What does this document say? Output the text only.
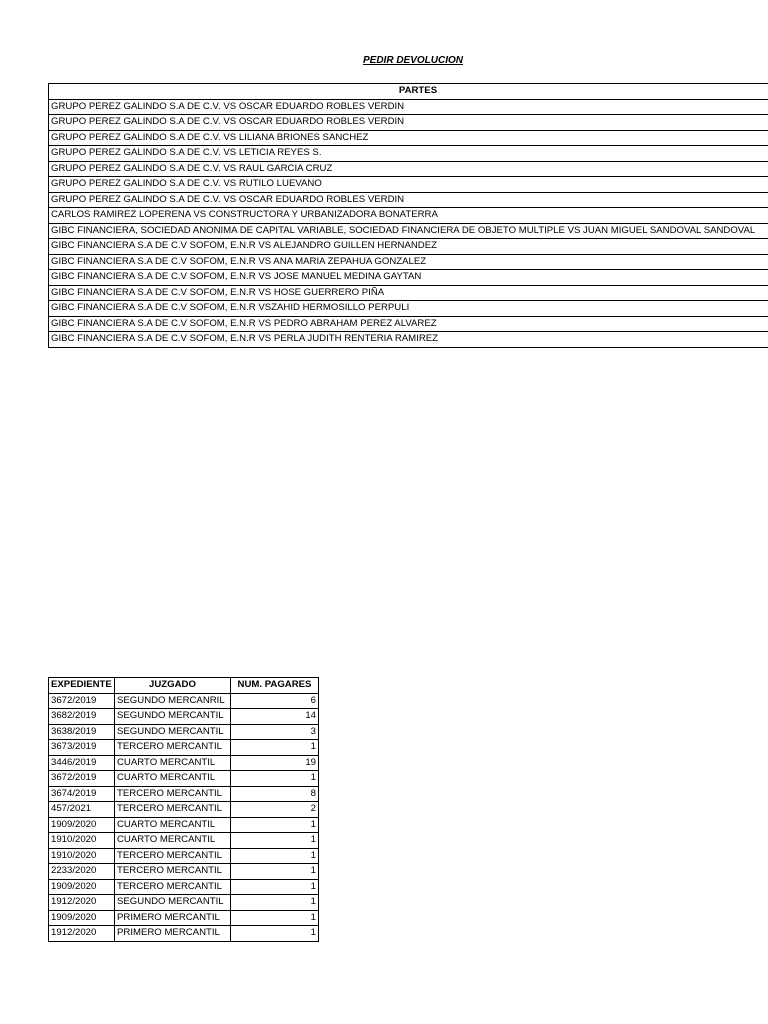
PEDIR DEVOLUCION
PARTES
GRUPO PEREZ GALINDO S.A DE C.V. VS OSCAR EDUARDO ROBLES VERDIN
GRUPO PEREZ GALINDO S.A DE C.V. VS OSCAR EDUARDO ROBLES VERDIN
GRUPO PEREZ GALINDO S.A DE C.V. VS LILIANA BRIONES SANCHEZ
GRUPO PEREZ GALINDO S.A DE C.V. VS LETICIA REYES S.
GRUPO PEREZ GALINDO S.A DE C.V. VS RAUL GARCIA CRUZ
GRUPO PEREZ GALINDO S.A DE C.V. VS RUTILO LUEVANO
GRUPO PEREZ GALINDO S.A DE C.V. VS OSCAR EDUARDO ROBLES VERDIN
CARLOS RAMIREZ LOPERENA VS CONSTRUCTORA Y URBANIZADORA BONATERRA
GIBC FINANCIERA, SOCIEDAD ANONIMA DE CAPITAL VARIABLE, SOCIEDAD FINANCIERA DE OBJETO MULTIPLE VS JUAN MIGUEL SANDOVAL SANDOVAL
GIBC FINANCIERA S.A DE C.V SOFOM, E.N.R VS ALEJANDRO GUILLEN HERNANDEZ
GIBC FINANCIERA S.A DE C.V SOFOM, E.N.R VS ANA MARIA ZEPAHUA GONZALEZ
GIBC FINANCIERA S.A DE C.V SOFOM, E.N.R VS JOSE MANUEL MEDINA GAYTAN
GIBC FINANCIERA S.A DE C.V SOFOM, E.N.R VS HOSE GUERRERO PIÑA
GIBC FINANCIERA S.A DE C.V SOFOM, E.N.R VSZAHID HERMOSILLO PERPULI
GIBC FINANCIERA S.A DE C.V SOFOM, E.N.R VS PEDRO ABRAHAM PEREZ ALVAREZ
GIBC FINANCIERA S.A DE C.V SOFOM, E.N.R VS PERLA JUDITH RENTERIA RAMIREZ
EXPEDIENTE	JUZGADO	NUM. PAGARES
3672/2019	SEGUNDO MERCANRIL	6
3682/2019	SEGUNDO MERCANTIL	14
3638/2019	SEGUNDO MERCANTIL	3
3673/2019	TERCERO MERCANTIL	1
3446/2019	CUARTO MERCANTIL	19
3672/2019	CUARTO MERCANTIL	1
3674/2019	TERCERO MERCANTIL	8
457/2021	TERCERO MERCANTIL	2
1909/2020	CUARTO MERCANTIL	1
1910/2020	CUARTO MERCANTIL	1
1910/2020	TERCERO MERCANTIL	1
2233/2020	TERCERO MERCANTIL	1
1909/2020	TERCERO MERCANTIL	1
1912/2020	SEGUNDO MERCANTIL	1
1909/2020	PRIMERO MERCANTIL	1
1912/2020	PRIMERO MERCANTIL	1
